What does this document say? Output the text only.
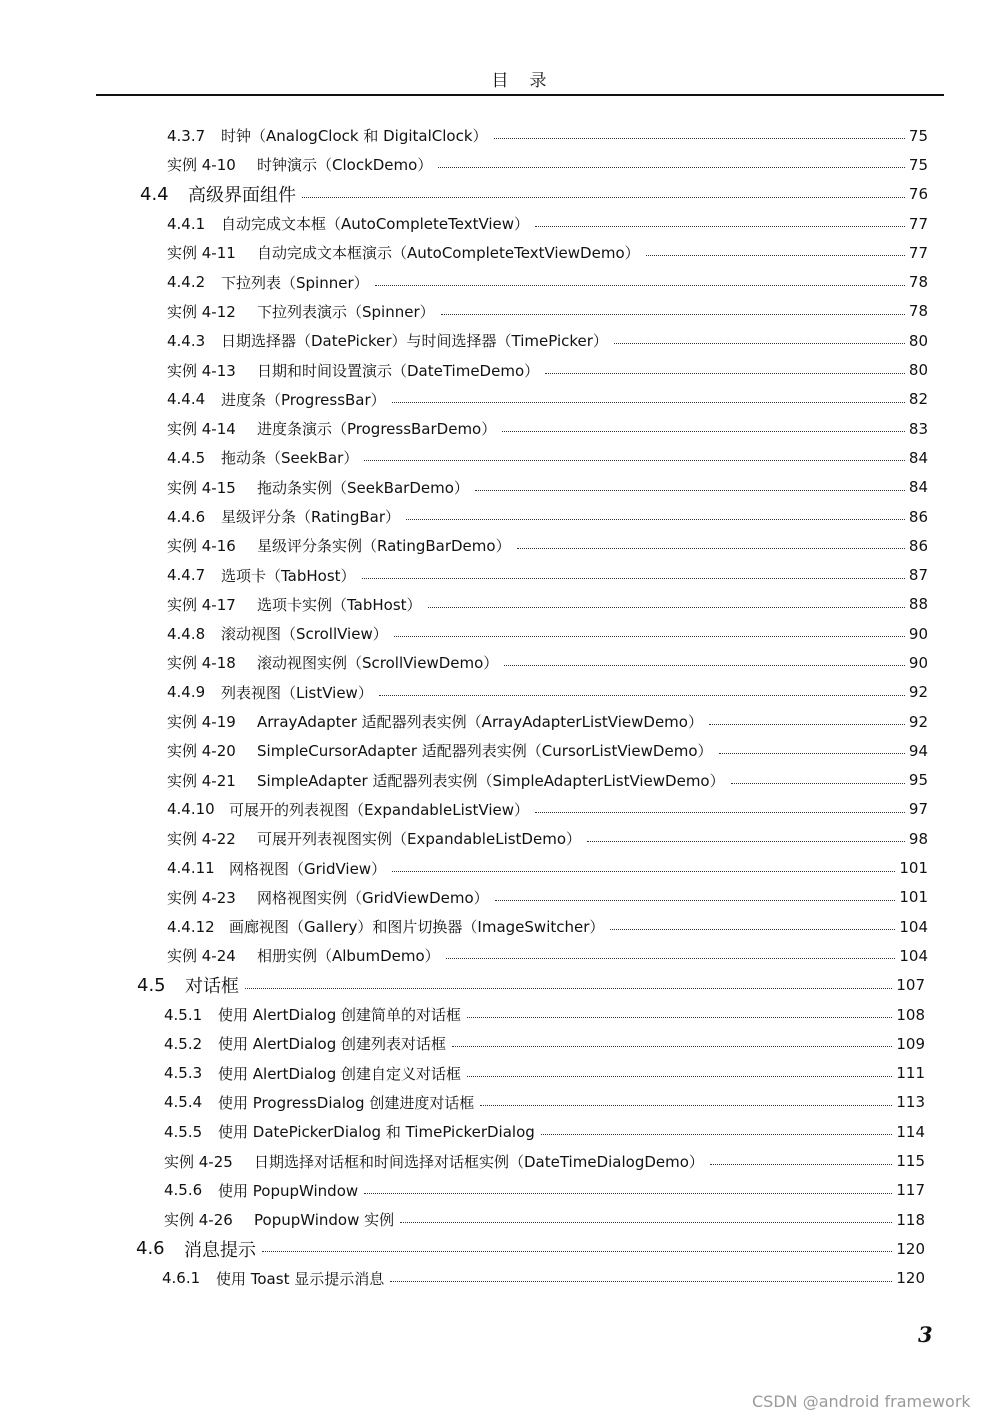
目　录
4.3.7	时钟（AnalogClock 和 DigitalClock）	75
实例 4-10	时钟演示（ClockDemo）	75
4.4	高级界面组件	76
4.4.1	自动完成文本框（AutoCompleteTextView）	77
实例 4-11	自动完成文本框演示（AutoCompleteTextViewDemo）	77
4.4.2	下拉列表（Spinner）	78
实例 4-12	下拉列表演示（Spinner）	78
4.4.3	日期选择器（DatePicker）与时间选择器（TimePicker）	80
实例 4-13	日期和时间设置演示（DateTimeDemo）	80
4.4.4	进度条（ProgressBar）	82
实例 4-14	进度条演示（ProgressBarDemo）	83
4.4.5	拖动条（SeekBar）	84
实例 4-15	拖动条实例（SeekBarDemo）	84
4.4.6	星级评分条（RatingBar）	86
实例 4-16	星级评分条实例（RatingBarDemo）	86
4.4.7	选项卡（TabHost）	87
实例 4-17	选项卡实例（TabHost）	88
4.4.8	滚动视图（ScrollView）	90
实例 4-18	滚动视图实例（ScrollViewDemo）	90
4.4.9	列表视图（ListView）	92
实例 4-19	ArrayAdapter 适配器列表实例（ArrayAdapterListViewDemo）	92
实例 4-20	SimpleCursorAdapter 适配器列表实例（CursorListViewDemo）	94
实例 4-21	SimpleAdapter 适配器列表实例（SimpleAdapterListViewDemo）	95
4.4.10 可展开的列表视图（ExpandableListView）	97
实例 4-22	可展开列表视图实例（ExpandableListDemo）	98
4.4.11 网格视图（GridView）	101
实例 4-23	网格视图实例（GridViewDemo）	101
4.4.12 画廊视图（Gallery）和图片切换器（ImageSwitcher）	104
实例 4-24	相册实例（AlbumDemo）	104
4.5	对话框	107
4.5.1	使用 AlertDialog 创建简单的对话框	108
4.5.2	使用 AlertDialog 创建列表对话框	109
4.5.3	使用 AlertDialog 创建自定义对话框	111
4.5.4	使用 ProgressDialog 创建进度对话框	113
4.5.5	使用 DatePickerDialog 和 TimePickerDialog	114
实例 4-25	日期选择对话框和时间选择对话框实例（DateTimeDialogDemo）	115
4.5.6	使用 PopupWindow	117
实例 4-26	PopupWindow 实例	118
4.6	消息提示	120
4.6.1	使用 Toast 显示提示消息	120
3
CSDN @android framework
